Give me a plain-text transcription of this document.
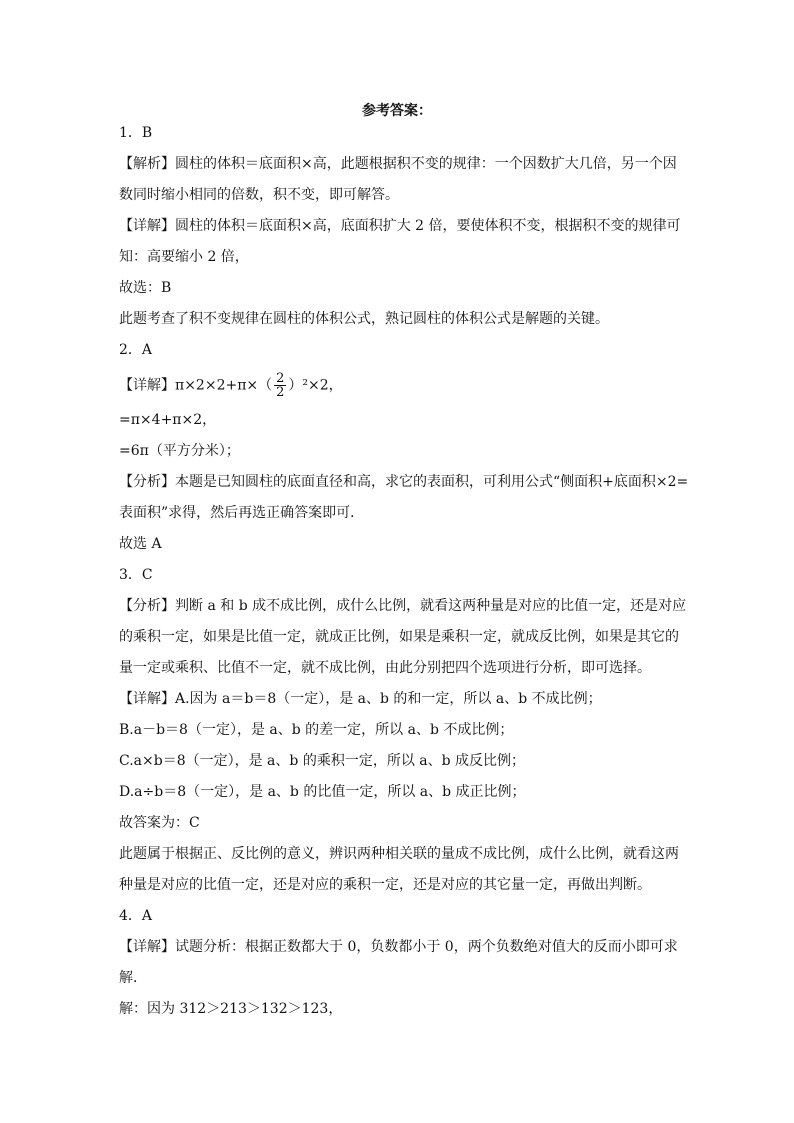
参考答案：
1．B
【解析】圆柱的体积＝底面积×高，此题根据积不变的规律：一个因数扩大几倍，另一个因
数同时缩小相同的倍数，积不变，即可解答。
【详解】圆柱的体积＝底面积×高，底面积扩大 2 倍，要使体积不变，根据积不变的规律可
知：高要缩小 2 倍，
故选：B
此题考查了积不变规律在圆柱的体积公式，熟记圆柱的体积公式是解题的关键。
2．A
【详解】$\pi\times 2\times 2+\pi\times( \frac{2}{2} )^2\times 2$，
=π×4+π×2，
=6π（平方分米）；
【分析】本题是已知圆柱的底面直径和高，求它的表面积，可利用公式“侧面积+底面积×2=
表面积”求得，然后再选正确答案即可．
故选 A
3．C
【分析】判断 a 和 b 成不成比例，成什么比例，就看这两种量是对应的比值一定，还是对应
的乘积一定，如果是比值一定，就成正比例，如果是乘积一定，就成反比例，如果是其它的
量一定或乘积、比值不一定，就不成比例，由此分别把四个选项进行分析，即可选择。
【详解】A.因为 a＝b＝8（一定），是 a、b 的和一定，所以 a、b 不成比例；
B.a－b＝8（一定），是 a、b 的差一定，所以 a、b 不成比例；
C.a×b＝8（一定），是 a、b 的乘积一定，所以 a、b 成反比例；
D.a÷b＝8（一定），是 a、b 的比值一定，所以 a、b 成正比例；
故答案为：C
此题属于根据正、反比例的意义，辨识两种相关联的量成不成比例，成什么比例，就看这两
种量是对应的比值一定，还是对应的乘积一定，还是对应的其它量一定，再做出判断。
4．A
【详解】试题分析：根据正数都大于 0，负数都小于 0，两个负数绝对值大的反而小即可求
解．
解：因为 312＞213＞132＞123，
